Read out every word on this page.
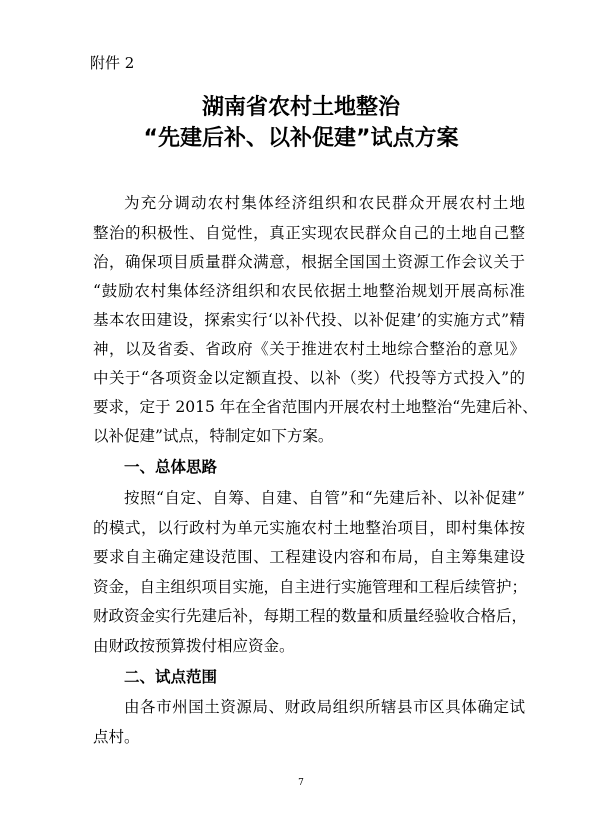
附件 2
湖南省农村土地整治
“先建后补、以补促建”试点方案
为充分调动农村集体经济组织和农民群众开展农村土地
整治的积极性、自觉性，真正实现农民群众自己的土地自己整
治，确保项目质量群众满意，根据全国国土资源工作会议关于
“鼓励农村集体经济组织和农民依据土地整治规划开展高标准
基本农田建设，探索实行‘以补代投、以补促建’的实施方式”精
神，以及省委、省政府《关于推进农村土地综合整治的意见》
中关于“各项资金以定额直投、以补（奖）代投等方式投入”的
要求，定于 2015 年在全省范围内开展农村土地整治“先建后补、
以补促建”试点，特制定如下方案。
一、总体思路
按照“自定、自筹、自建、自管”和“先建后补、以补促建”
的模式，以行政村为单元实施农村土地整治项目，即村集体按
要求自主确定建设范围、工程建设内容和布局，自主筹集建设
资金，自主组织项目实施，自主进行实施管理和工程后续管护；
财政资金实行先建后补，每期工程的数量和质量经验收合格后，
由财政按预算拨付相应资金。
二、试点范围
由各市州国土资源局、财政局组织所辖县市区具体确定试
点村。
7
